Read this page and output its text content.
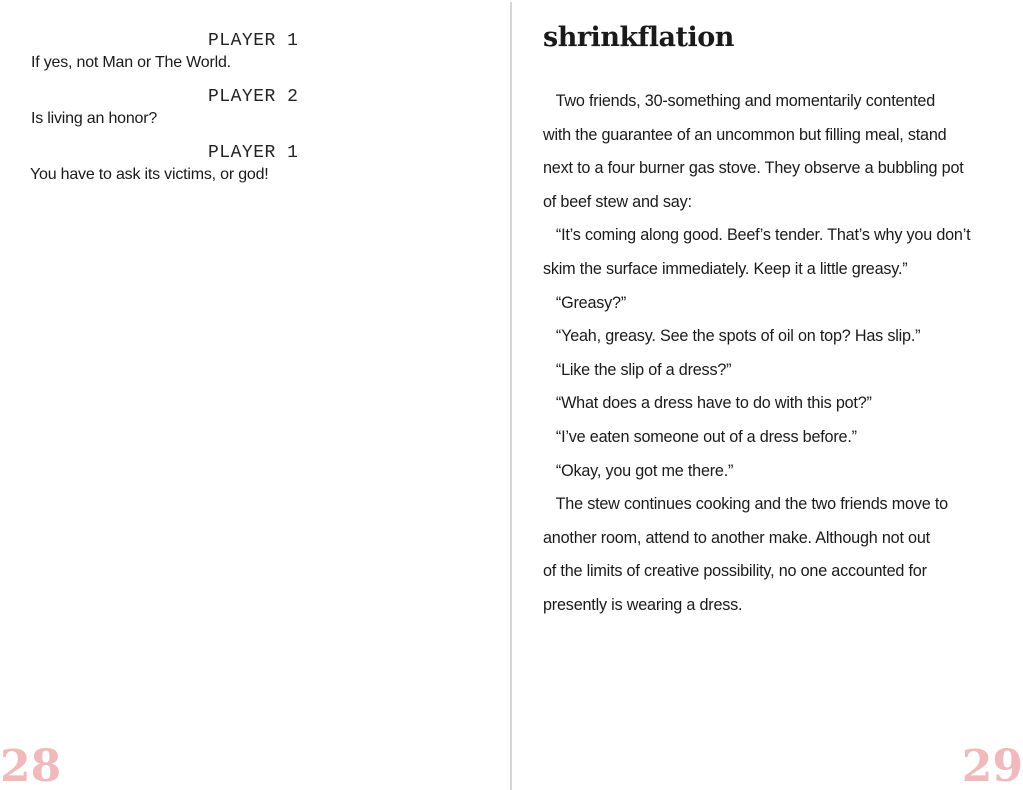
PLAYER 1
If yes, not Man or The World.
PLAYER 2
Is living an honor?
PLAYER 1
You have to ask its victims, or god!
28
shrinkflation
Two friends, 30-something and momentarily contented
with the guarantee of an uncommon but filling meal, stand
next to a four burner gas stove. They observe a bubbling pot
of beef stew and say:
“It’s coming along good. Beef’s tender. That’s why you don’t
skim the surface immediately. Keep it a little greasy.”
“Greasy?”
“Yeah, greasy. See the spots of oil on top? Has slip.”
“Like the slip of a dress?”
“What does a dress have to do with this pot?”
“I’ve eaten someone out of a dress before.”
“Okay, you got me there.”
The stew continues cooking and the two friends move to
another room, attend to another make. Although not out
of the limits of creative possibility, no one accounted for
presently is wearing a dress.
29
